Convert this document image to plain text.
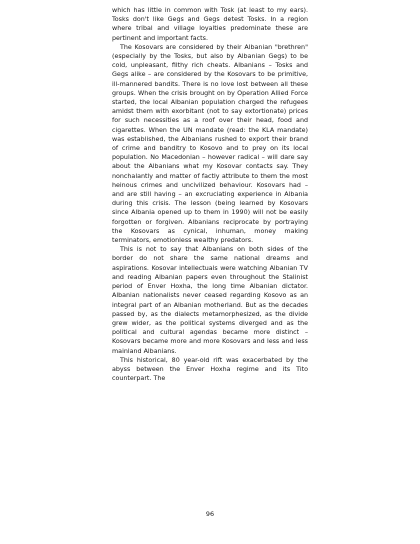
which has little in common with Tosk (at least to my ears). Tosks don't like Gegs and Gegs detest Tosks. In a region where tribal and village loyalties predominate these are pertinent and important facts.

The Kosovars are considered by their Albanian "brethren" (especially by the Tosks, but also by Albanian Gegs) to be cold, unpleasant, filthy rich cheats. Albanians – Tosks and Gegs alike – are considered by the Kosovars to be primitive, ill-mannered bandits. There is no love lost between all these groups. When the crisis brought on by Operation Allied Force started, the local Albanian population charged the refugees amidst them with exorbitant (not to say extortionate) prices for such necessities as a roof over their head, food and cigarettes. When the UN mandate (read: the KLA mandate) was established, the Albanians rushed to export their brand of crime and banditry to Kosovo and to prey on its local population. No Macedonian – however radical – will dare say about the Albanians what my Kosovar contacts say. They nonchalantly and matter of factly attribute to them the most heinous crimes and uncivilized behaviour. Kosovars had – and are still having – an excruciating experience in Albania during this crisis. The lesson (being learned by Kosovars since Albania opened up to them in 1990) will not be easily forgotten or forgiven. Albanians reciprocate by portraying the Kosovars as cynical, inhuman, money making terminators, emotionless wealthy predators.

This is not to say that Albanians on both sides of the border do not share the same national dreams and aspirations. Kosovar intellectuals were watching Albanian TV and reading Albanian papers even throughout the Stalinist period of Enver Hoxha, the long time Albanian dictator. Albanian nationalists never ceased regarding Kosovo as an integral part of an Albanian motherland. But as the decades passed by, as the dialects metamorphesized, as the divide grew wider, as the political systems diverged and as the political and cultural agendas became more distinct – Kosovars became more and more Kosovars and less and less mainland Albanians.

This historical, 80 year-old rift was exacerbated by the abyss between the Enver Hoxha regime and its Tito counterpart. The

96
